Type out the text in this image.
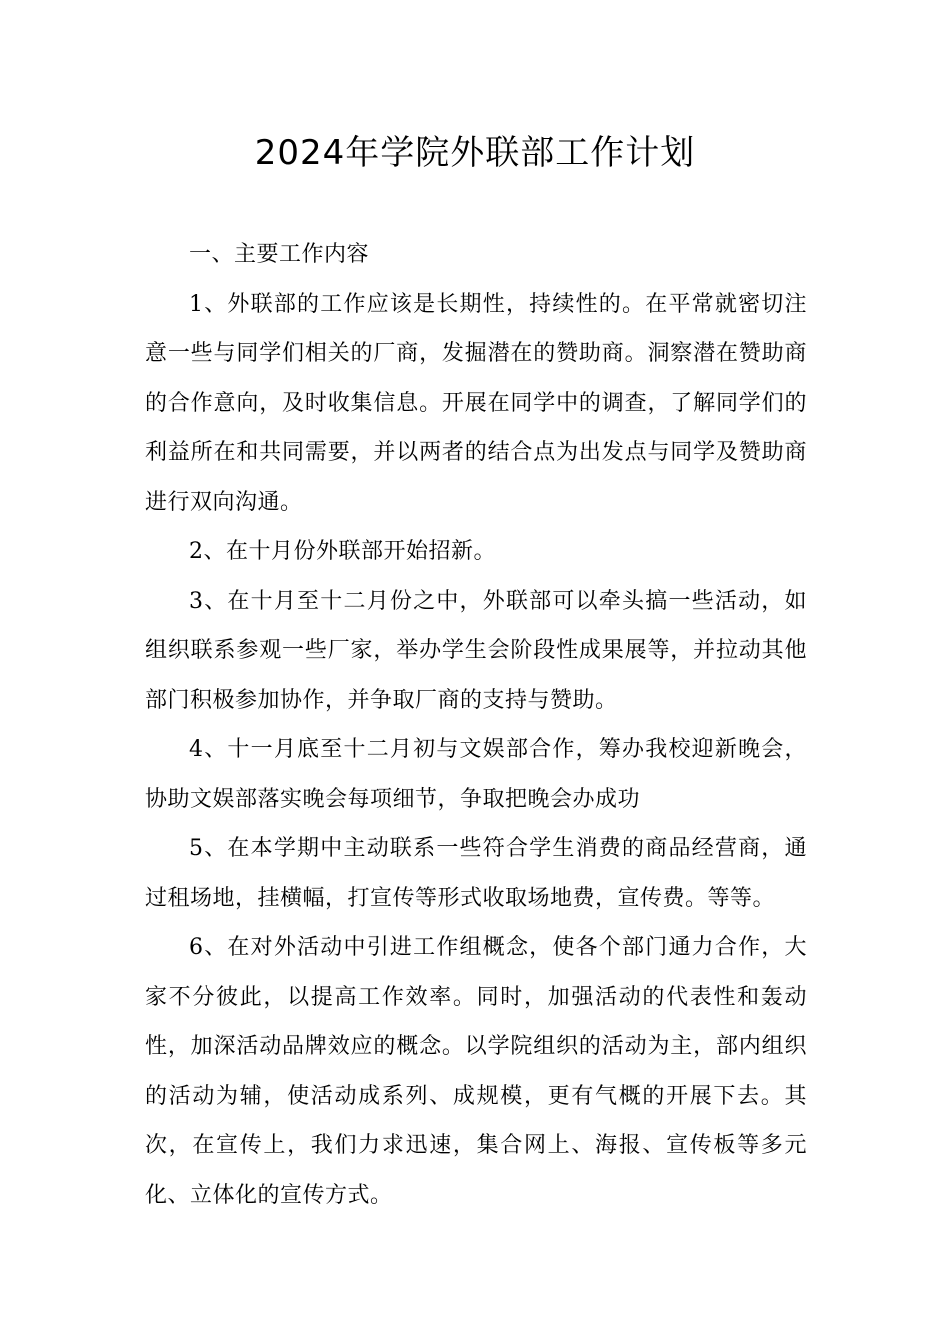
2024年学院外联部工作计划

一、主要工作内容

1、外联部的工作应该是长期性，持续性的。在平常就密切注意一些与同学们相关的厂商，发掘潜在的赞助商。洞察潜在赞助商的合作意向，及时收集信息。开展在同学中的调查，了解同学们的利益所在和共同需要，并以两者的结合点为出发点与同学及赞助商进行双向沟通。

2、在十月份外联部开始招新。

3、在十月至十二月份之中，外联部可以牵头搞一些活动，如组织联系参观一些厂家，举办学生会阶段性成果展等，并拉动其他部门积极参加协作，并争取厂商的支持与赞助。

4、十一月底至十二月初与文娱部合作，筹办我校迎新晚会，协助文娱部落实晚会每项细节，争取把晚会办成功

5、在本学期中主动联系一些符合学生消费的商品经营商，通过租场地，挂横幅，打宣传等形式收取场地费，宣传费。等等。

6、在对外活动中引进工作组概念，使各个部门通力合作，大家不分彼此，以提高工作效率。同时，加强活动的代表性和轰动性，加深活动品牌效应的概念。以学院组织的活动为主，部内组织的活动为辅，使活动成系列、成规模，更有气概的开展下去。其次，在宣传上，我们力求迅速，集合网上、海报、宣传板等多元化、立体化的宣传方式。
